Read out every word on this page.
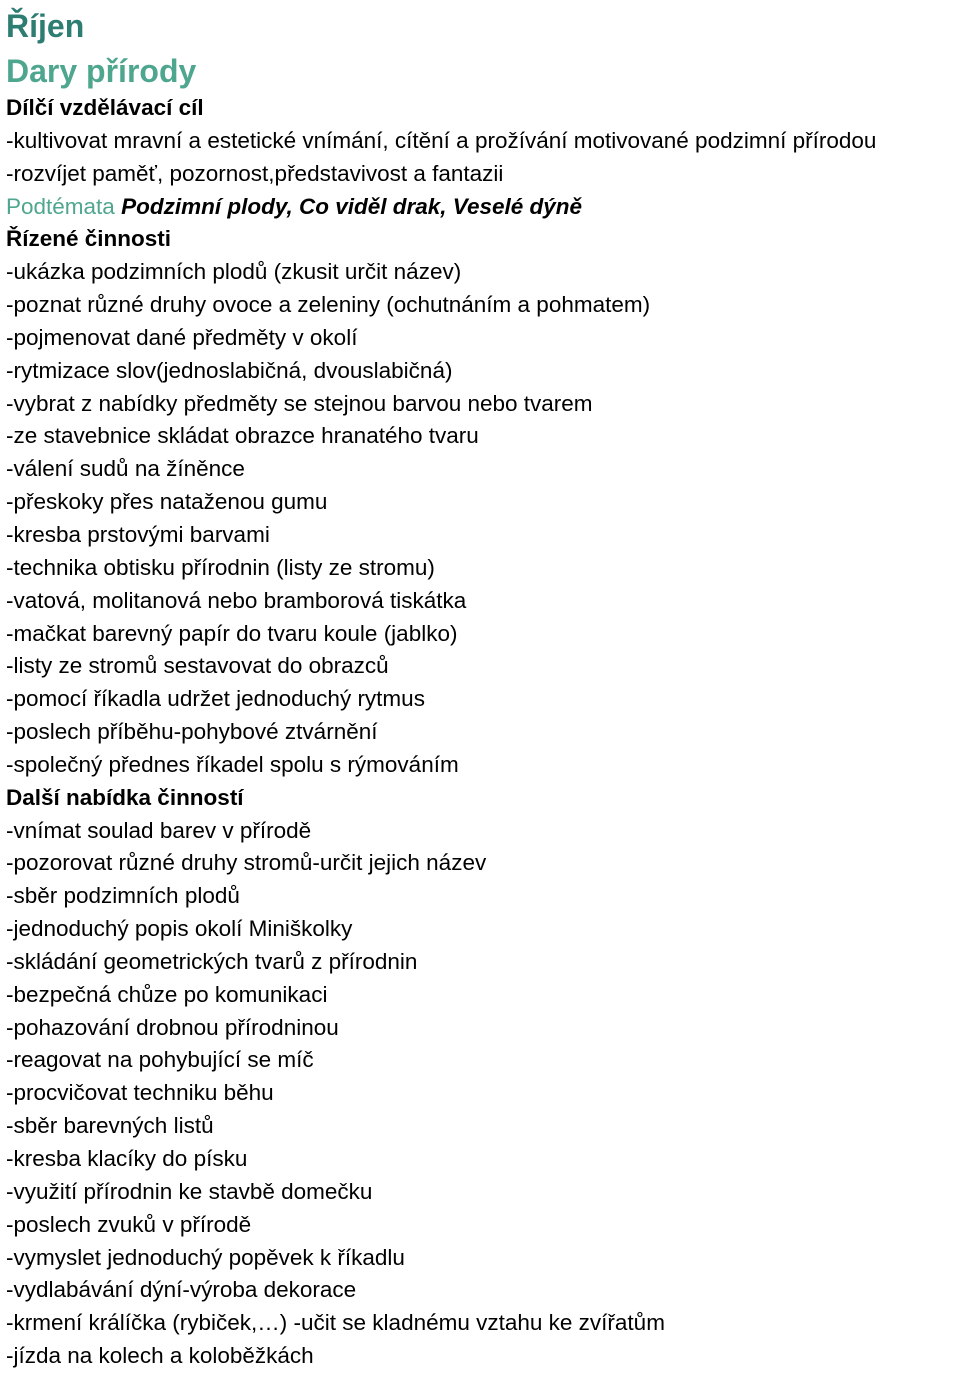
Říjen
Dary přírody
Dílčí vzdělávací cíl
-kultivovat mravní a estetické vnímání, cítění a prožívání motivované podzimní přírodou
-rozvíjet paměť, pozornost,představivost a fantazii
Podtémata Podzimní plody, Co viděl drak, Veselé dýně
Řízené činnosti
-ukázka podzimních plodů (zkusit určit název)
-poznat různé druhy ovoce a zeleniny (ochutnáním a pohmatem)
-pojmenovat dané předměty v okolí
-rytmizace slov(jednoslabičná, dvouslabičná)
-vybrat z nabídky předměty se stejnou barvou nebo tvarem
-ze stavebnice skládat obrazce hranatého tvaru
-válení sudů na žíněnce
-přeskoky přes nataženou gumu
-kresba prstovými barvami
-technika obtisku přírodnin (listy ze stromu)
-vatová, molitanová nebo bramborová tiskátka
-mačkat barevný papír do tvaru koule (jablko)
-listy ze stromů sestavovat do obrazců
-pomocí říkadla udržet jednoduchý rytmus
-poslech příběhu-pohybové ztvárnění
-společný přednes říkadel spolu s rýmováním
Další nabídka činností
-vnímat soulad barev v přírodě
-pozorovat různé druhy stromů-určit jejich název
-sběr podzimních plodů
-jednoduchý popis okolí Miniškolky
-skládání geometrických tvarů z přírodnin
-bezpečná chůze po komunikaci
-pohazování drobnou přírodninou
-reagovat na pohybující se míč
-procvičovat techniku běhu
-sběr barevných listů
-kresba klacíky do písku
-využití přírodnin ke stavbě domečku
-poslech zvuků v přírodě
-vymyslet jednoduchý popěvek k říkadlu
-vydlabávání dýní-výroba dekorace
-krmení králíčka (rybiček,…) -učit se kladnému vztahu ke zvířatům
-jízda na kolech a koloběžkách
